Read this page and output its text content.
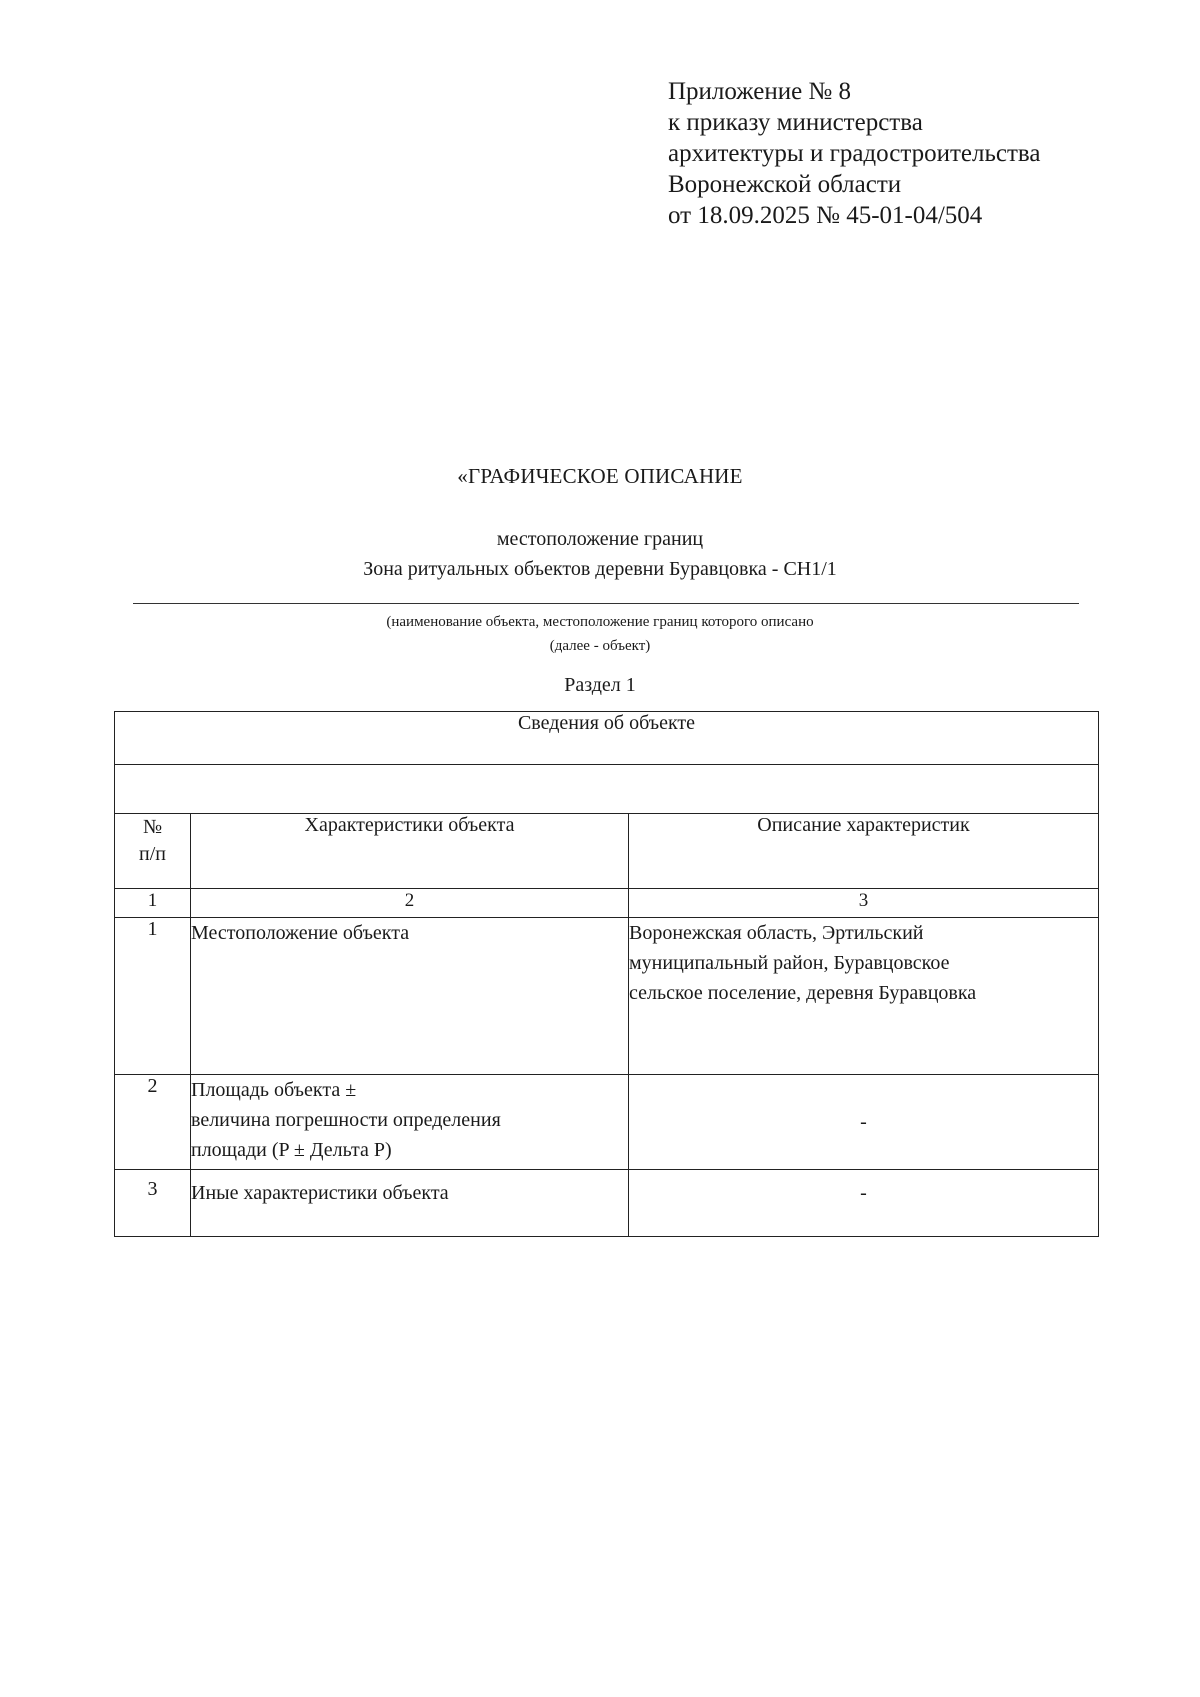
Приложение № 8
к приказу министерства
архитектуры и градостроительства
Воронежской области
от 18.09.2025 № 45-01-04/504
«ГРАФИЧЕСКОЕ ОПИСАНИЕ
местоположение границ
Зона ритуальных объектов деревни Буравцовка - СН1/1
(наименование объекта, местоположение границ которого описано
(далее - объект)
Раздел 1
Сведения об объекте		

№
п/п	Характеристики объекта	Описание характеристик
1	2	3
1	Местоположение объекта	Воронежская область, Эртильский
муниципальный район, Буравцовское
сельское поселение, деревня Буравцовка

2	Площадь объекта ±
величина погрешности определения
площади (P ± Дельта P)	-

3	Иные характеристики объекта	-
